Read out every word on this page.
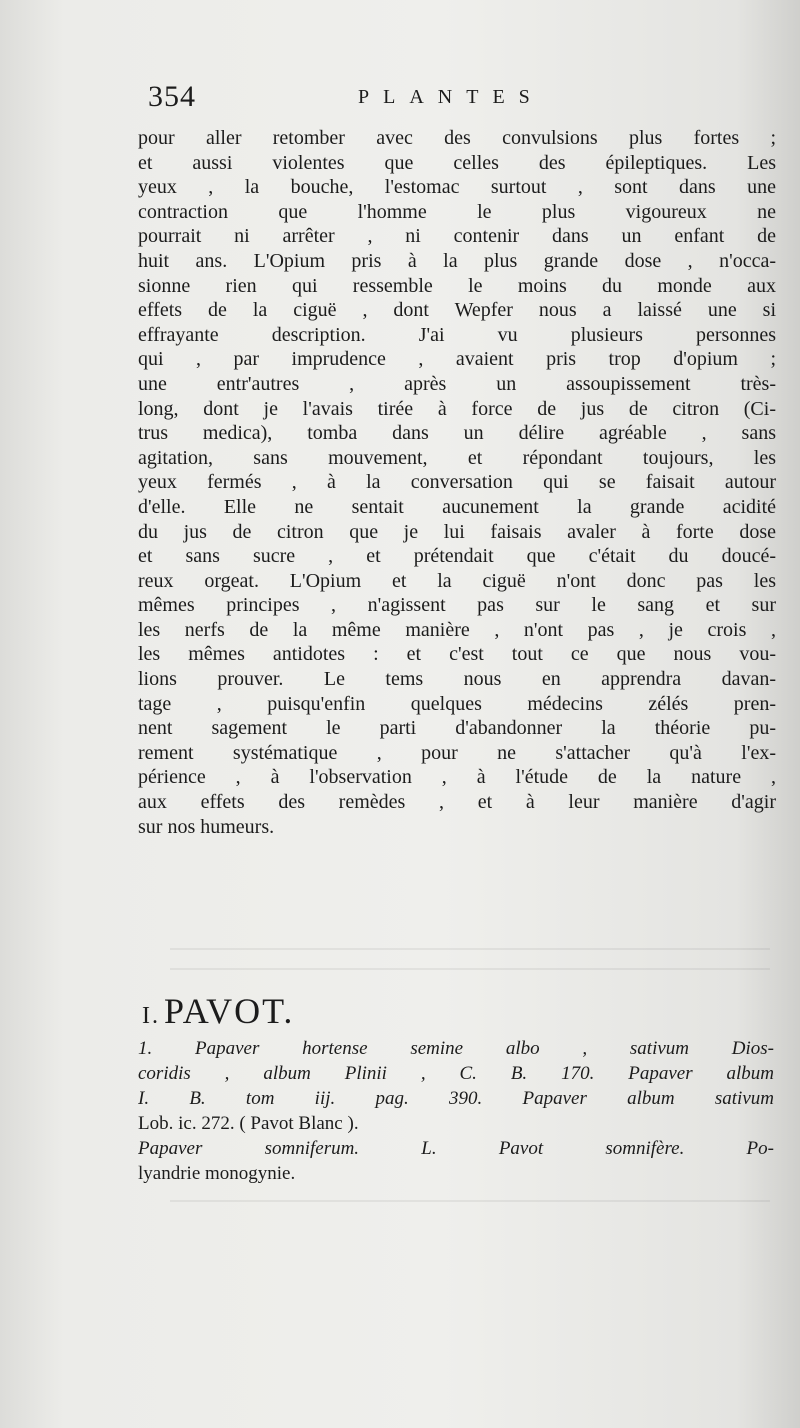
354	PLANTES
pour aller retomber avec des convulsions plus fortes ;
et aussi violentes que celles des épileptiques. Les
yeux , la bouche, l'estomac surtout , sont dans une
contraction que l'homme le plus vigoureux ne
pourrait ni arrêter , ni contenir dans un enfant de
huit ans. L'Opium pris à la plus grande dose , n'occa-
sionne rien qui ressemble le moins du monde aux
effets de la ciguë , dont Wepfer nous a laissé une si
effrayante description. J'ai vu plusieurs personnes
qui , par imprudence , avaient pris trop d'opium ;
une entr'autres , après un assoupissement très-
long, dont je l'avais tirée à force de jus de citron (Ci-
trus medica), tomba dans un délire agréable , sans
agitation, sans mouvement, et répondant toujours, les
yeux fermés , à la conversation qui se faisait autour
d'elle. Elle ne sentait aucunement la grande acidité
du jus de citron que je lui faisais avaler à forte dose
et sans sucre , et prétendait que c'était du doucé-
reux orgeat. L'Opium et la ciguë n'ont donc pas les
mêmes principes , n'agissent pas sur le sang et sur
les nerfs de la même manière , n'ont pas , je crois ,
les mêmes antidotes : et c'est tout ce que nous vou-
lions prouver. Le tems nous en apprendra davan-
tage , puisqu'enfin quelques médecins zélés pren-
nent sagement le parti d'abandonner la théorie pu-
rement systématique , pour ne s'attacher qu'à l'ex-
périence , à l'observation , à l'étude de la nature ,
aux effets des remèdes , et à leur manière d'agir
sur nos humeurs.
I. PAVOT.
1. Papaver hortense semine albo , sativum Dios-
coridis , album Plinii , C. B. 170. Papaver album
I. B. tom iij. pag. 390. Papaver album sativum
Lob. ic. 272. ( Pavot Blanc ).
Papaver somniferum. L. Pavot somnifère. Po-
lyandrie monogynie.
